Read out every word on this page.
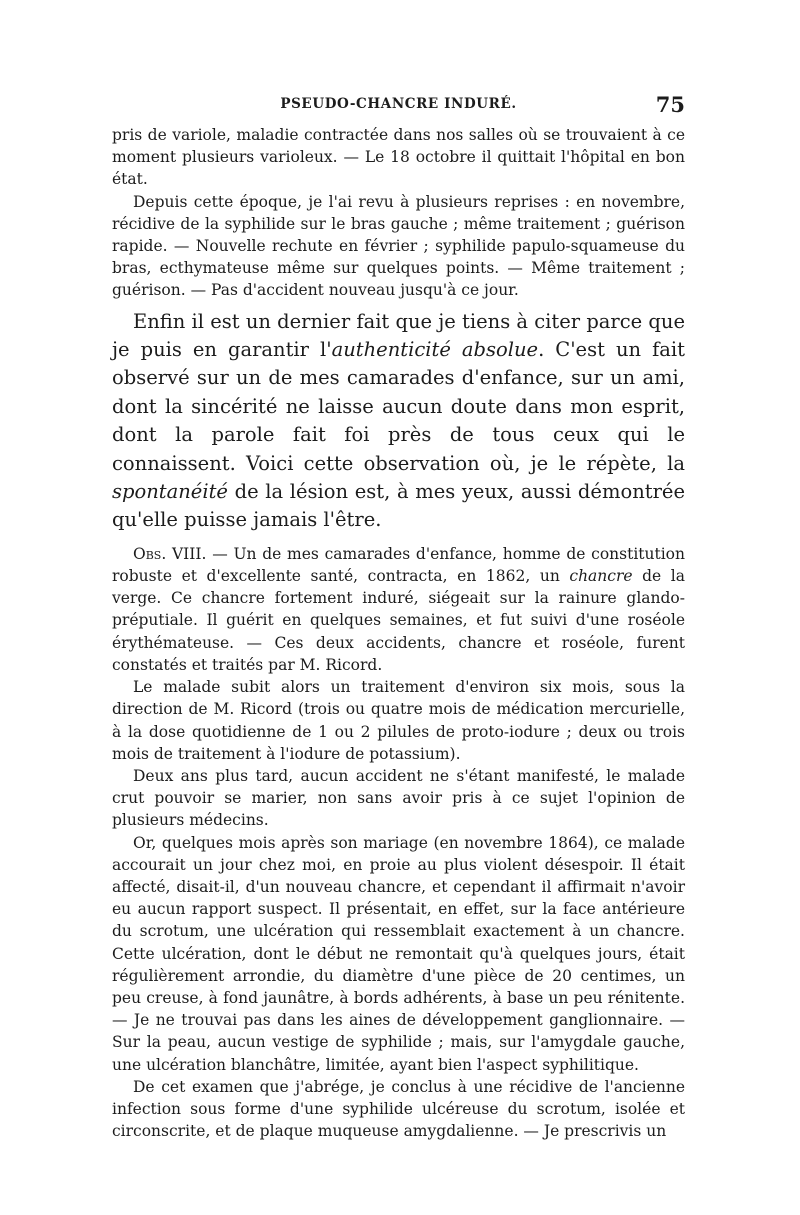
PSEUDO-CHANCRE INDURÉ.	75

pris de variole, maladie contractée dans nos salles où se trouvaient à ce moment plusieurs varioleux. — Le 18 octobre il quittait l'hôpital en bon état.

Depuis cette époque, je l'ai revu à plusieurs reprises : en novembre, récidive de la syphilide sur le bras gauche ; même traitement ; guérison rapide. — Nouvelle rechute en février ; syphilide papulo-squameuse du bras, ecthymateuse même sur quelques points. — Même traitement ; guérison. — Pas d'accident nouveau jusqu'à ce jour.

Enfin il est un dernier fait que je tiens à citer parce que je puis en garantir l'authenticité absolue. C'est un fait observé sur un de mes camarades d'enfance, sur un ami, dont la sincérité ne laisse aucun doute dans mon esprit, dont la parole fait foi près de tous ceux qui le connaissent. Voici cette observation où, je le répète, la spontanéité de la lésion est, à mes yeux, aussi démontrée qu'elle puisse jamais l'être.

Obs. VIII. — Un de mes camarades d'enfance, homme de constitution robuste et d'excellente santé, contracta, en 1862, un chancre de la verge. Ce chancre fortement induré, siégeait sur la rainure glando-préputiale. Il guérit en quelques semaines, et fut suivi d'une roséole érythémateuse. — Ces deux accidents, chancre et roséole, furent constatés et traités par M. Ricord.

Le malade subit alors un traitement d'environ six mois, sous la direction de M. Ricord (trois ou quatre mois de médication mercurielle, à la dose quotidienne de 1 ou 2 pilules de proto-iodure ; deux ou trois mois de traitement à l'iodure de potassium).

Deux ans plus tard, aucun accident ne s'étant manifesté, le malade crut pouvoir se marier, non sans avoir pris à ce sujet l'opinion de plusieurs médecins.

Or, quelques mois après son mariage (en novembre 1864), ce malade accourait un jour chez moi, en proie au plus violent désespoir. Il était affecté, disait-il, d'un nouveau chancre, et cependant il affirmait n'avoir eu aucun rapport suspect. Il présentait, en effet, sur la face antérieure du scrotum, une ulcération qui ressemblait exactement à un chancre. Cette ulcération, dont le début ne remontait qu'à quelques jours, était régulièrement arrondie, du diamètre d'une pièce de 20 centimes, un peu creuse, à fond jaunâtre, à bords adhérents, à base un peu rénitente. — Je ne trouvai pas dans les aines de développement ganglionnaire. — Sur la peau, aucun vestige de syphilide ; mais, sur l'amygdale gauche, une ulcération blanchâtre, limitée, ayant bien l'aspect syphilitique.

De cet examen que j'abrége, je conclus à une récidive de l'ancienne infection sous forme d'une syphilide ulcéreuse du scrotum, isolée et circonscrite, et de plaque muqueuse amygdalienne. — Je prescrivis un
